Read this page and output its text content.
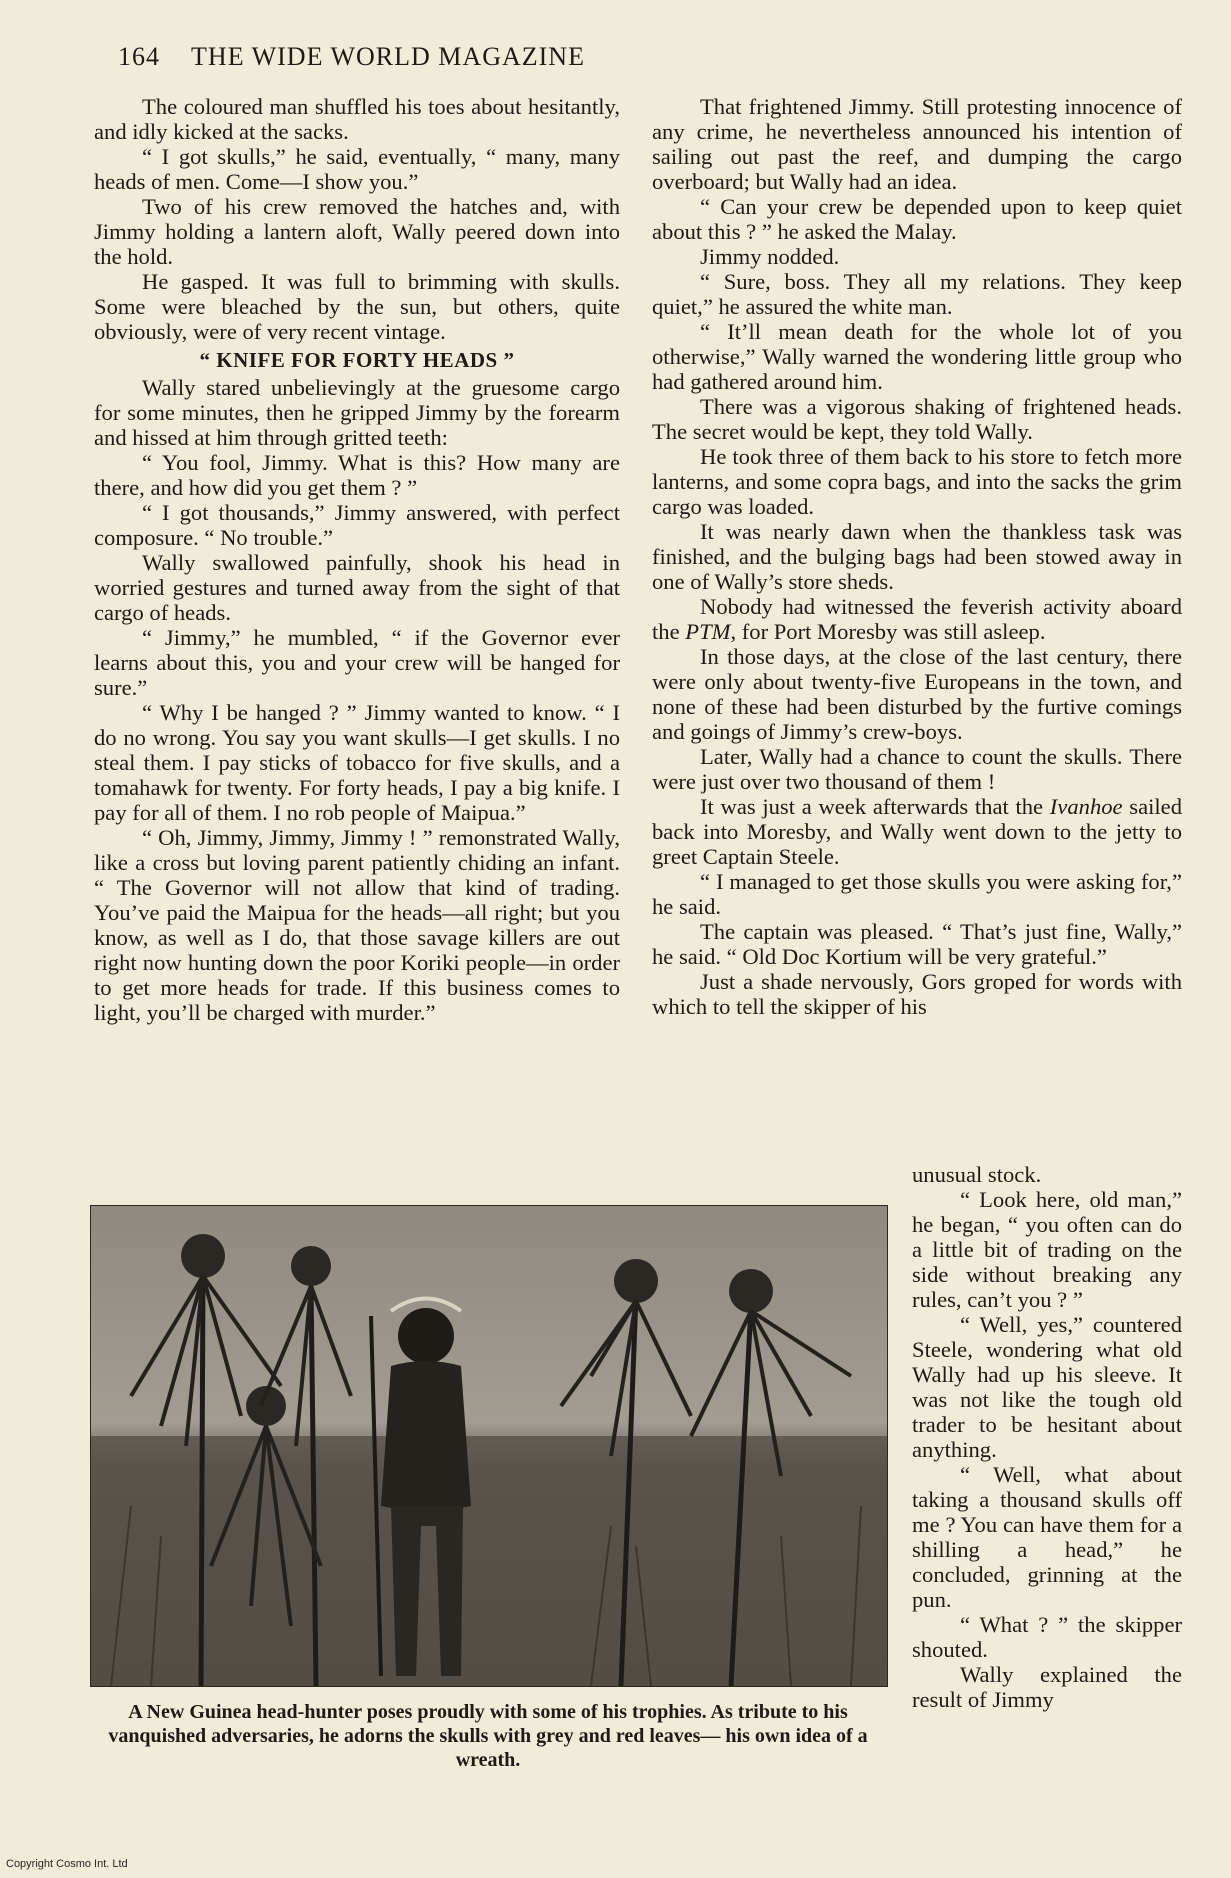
164 THE WIDE WORLD MAGAZINE

The coloured man shuffled his toes about hesitantly, and idly kicked at the sacks.

“ I got skulls,” he said, eventually, “ many, many heads of men. Come—I show you.”

Two of his crew removed the hatches and, with Jimmy holding a lantern aloft, Wally peered down into the hold.

He gasped. It was full to brimming with skulls. Some were bleached by the sun, but others, quite obviously, were of very recent vintage.

“ KNIFE FOR FORTY HEADS ”

Wally stared unbelievingly at the gruesome cargo for some minutes, then he gripped Jimmy by the forearm and hissed at him through gritted teeth:

“ You fool, Jimmy. What is this? How many are there, and how did you get them ? ”

“ I got thousands,” Jimmy answered, with perfect composure. “ No trouble.”

Wally swallowed painfully, shook his head in worried gestures and turned away from the sight of that cargo of heads.

“ Jimmy,” he mumbled, “ if the Governor ever learns about this, you and your crew will be hanged for sure.”

“ Why I be hanged ? ” Jimmy wanted to know. “ I do no wrong. You say you want skulls—I get skulls. I no steal them. I pay sticks of tobacco for five skulls, and a tomahawk for twenty. For forty heads, I pay a big knife. I pay for all of them. I no rob people of Maipua.”

“ Oh, Jimmy, Jimmy, Jimmy ! ” remonstrated Wally, like a cross but loving parent patiently chiding an infant. “ The Governor will not allow that kind of trading. You’ve paid the Maipua for the heads—all right; but you know, as well as I do, that those savage killers are out right now hunting down the poor Koriki people—in order to get more heads for trade. If this business comes to light, you’ll be charged with murder.”

That frightened Jimmy. Still protesting innocence of any crime, he nevertheless announced his intention of sailing out past the reef, and dumping the cargo overboard; but Wally had an idea.

“ Can your crew be depended upon to keep quiet about this ? ” he asked the Malay.

Jimmy nodded.

“ Sure, boss. They all my relations. They keep quiet,” he assured the white man.

“ It’ll mean death for the whole lot of you otherwise,” Wally warned the wondering little group who had gathered around him.

There was a vigorous shaking of frightened heads. The secret would be kept, they told Wally.

He took three of them back to his store to fetch more lanterns, and some copra bags, and into the sacks the grim cargo was loaded.

It was nearly dawn when the thankless task was finished, and the bulging bags had been stowed away in one of Wally’s store sheds.

Nobody had witnessed the feverish activity aboard the PTM, for Port Moresby was still asleep.

In those days, at the close of the last century, there were only about twenty-five Europeans in the town, and none of these had been disturbed by the furtive comings and goings of Jimmy’s crew-boys.

Later, Wally had a chance to count the skulls. There were just over two thousand of them !

It was just a week afterwards that the Ivanhoe sailed back into Moresby, and Wally went down to the jetty to greet Captain Steele.

“ I managed to get those skulls you were asking for,” he said.

The captain was pleased. “ That’s just fine, Wally,” he said. “ Old Doc Kortium will be very grateful.”

Just a shade nervously, Gors groped for words with which to tell the skipper of his

unusual stock.

“ Look here, old man,” he began, “ you often can do a little bit of trading on the side without breaking any rules, can’t you ? ”

“ Well, yes,” countered Steele, wondering what old Wally had up his sleeve. It was not like the tough old trader to be hesitant about anything.

“ Well, what about taking a thousand skulls off me ? You can have them for a shilling a head,” he concluded, grinning at the pun.

“ What ? ” the skipper shouted.

Wally explained the result of Jimmy

A New Guinea head-hunter poses proudly with some of his trophies. As tribute to his vanquished adversaries, he adorns the skulls with grey and red leaves— his own idea of a wreath.
Copyright Cosmo Int. Ltd
